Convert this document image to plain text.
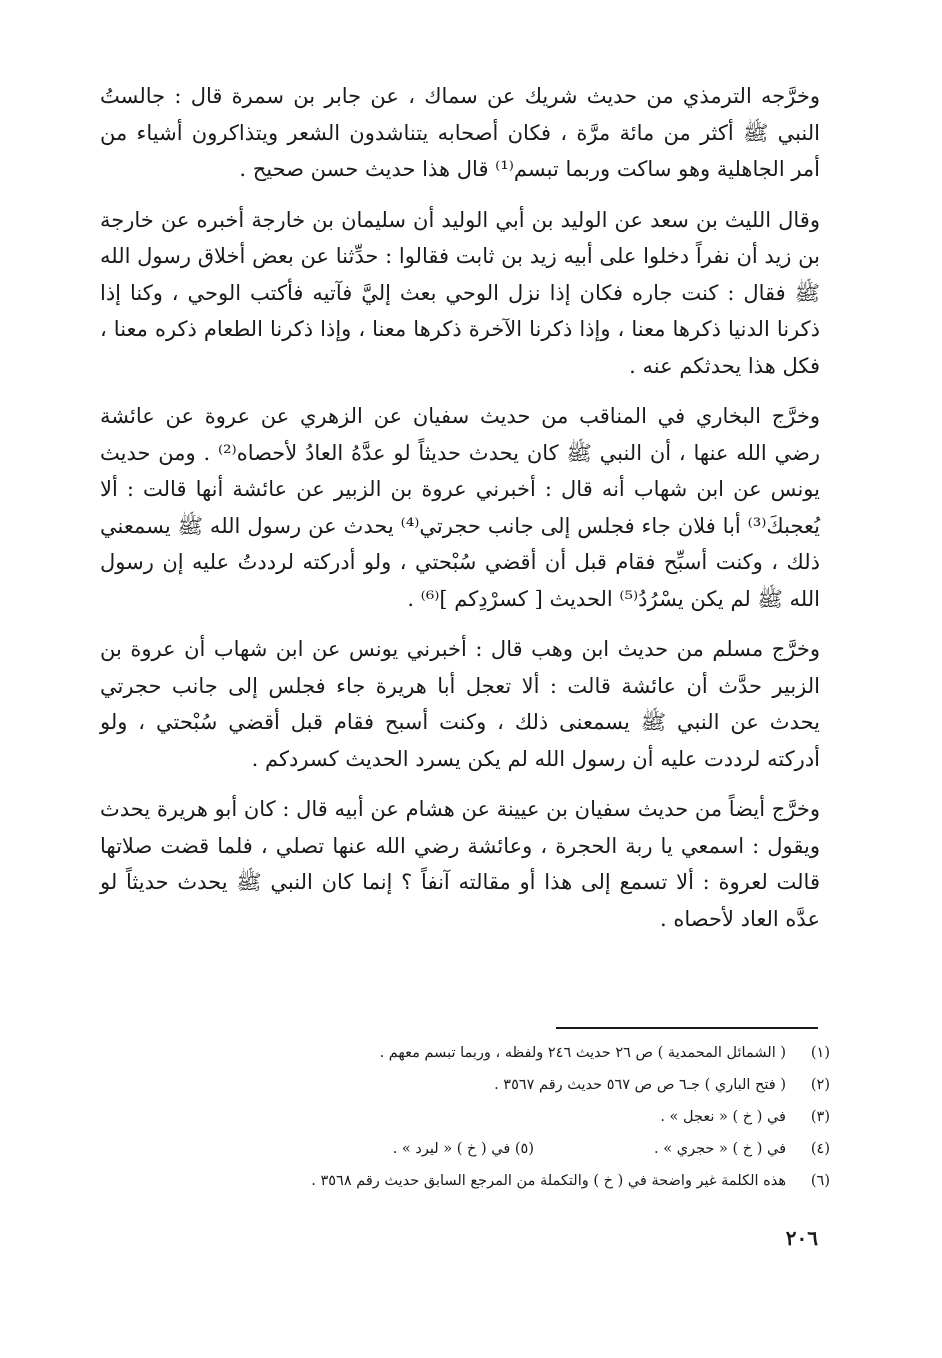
وخرَّجه الترمذي من حديث شريك عن سماك ، عن جابر بن سمرة قال : جالستُ النبي ﷺ أكثر من مائة مرَّة ، فكان أصحابه يتناشدون الشعر ويتذاكرون أشياء من أمر الجاهلية وهو ساكت وربما تبسم⁽¹⁾ قال هذا حديث حسن صحيح .

وقال الليث بن سعد عن الوليد بن أبي الوليد أن سليمان بن خارجة أخبره عن خارجة بن زيد أن نفراً دخلوا على أبيه زيد بن ثابت فقالوا : حدِّثنا عن بعض أخلاق رسول الله ﷺ فقال : كنت جاره فكان إذا نزل الوحي بعث إليَّ فآتيه فأكتب الوحي ، وكنا إذا ذكرنا الدنيا ذكرها معنا ، وإذا ذكرنا الآخرة ذكرها معنا ، وإذا ذكرنا الطعام ذكره معنا ، فكل هذا يحدثكم عنه .

وخرَّج البخاري في المناقب من حديث سفيان عن الزهري عن عروة عن عائشة رضي الله عنها ، أن النبي ﷺ كان يحدث حديثاً لو عدَّهُ العادُ لأحصاه⁽²⁾ . ومن حديث يونس عن ابن شهاب أنه قال : أخبرني عروة بن الزبير عن عائشة أنها قالت : ألا يُعجبكَ⁽³⁾ أبا فلان جاء فجلس إلى جانب حجرتي⁽⁴⁾ يحدث عن رسول الله ﷺ يسمعني ذلك ، وكنت أسبِّح فقام قبل أن أقضي سُبْحتي ، ولو أدركته لرددتُ عليه إن رسول الله ﷺ لم يكن يسْرُدُ⁽⁵⁾ الحديث [ كسرْدِكم ]⁽⁶⁾ .

وخرَّج مسلم من حديث ابن وهب قال : أخبرني يونس عن ابن شهاب أن عروة بن الزبير حدَّث أن عائشة قالت : ألا تعجل أبا هريرة جاء فجلس إلى جانب حجرتي يحدث عن النبي ﷺ يسمعنى ذلك ، وكنت أسبح فقام قبل أقضي سُبْحتي ، ولو أدركته لرددت عليه أن رسول الله لم يكن يسرد الحديث كسردكم .

وخرَّج أيضاً من حديث سفيان بن عيينة عن هشام عن أبيه قال : كان أبو هريرة يحدث ويقول : اسمعي يا ربة الحجرة ، وعائشة رضي الله عنها تصلي ، فلما قضت صلاتها قالت لعروة : ألا تسمع إلى هذا أو مقالته آنفاً ؟ إنما كان النبي ﷺ يحدث حديثاً لو عدَّه العاد لأحصاه .

(١)
( الشمائل المحمدية ) ص ٢٦ حديث ٢٤٦ ولفظه ، وربما تبسم معهم .
(٢)
( فتح الباري ) جـ٦ ص ص ٥٦٧ حديث رقم ٣٥٦٧ .
(٣)
في ( خ ) « نعجل » .
(٤)
في ( خ ) « حجري » .
(٥) في ( خ ) « ليرد » .
(٦)
هذه الكلمة غير واضحة في ( خ ) والتكملة من المرجع السابق حديث رقم ٣٥٦٨ .
٢٠٦
